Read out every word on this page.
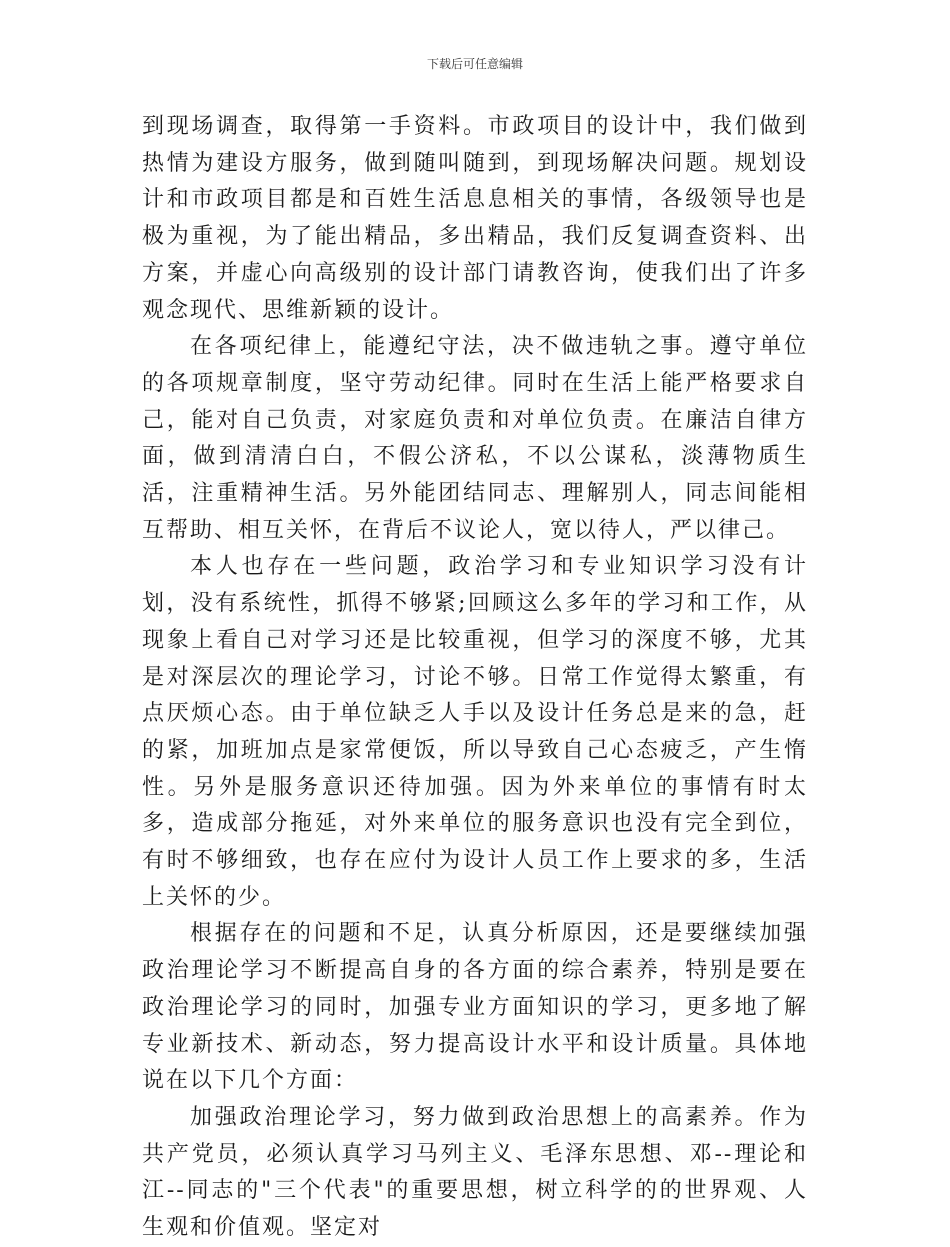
下载后可任意编辑

到现场调查，取得第一手资料。市政项目的设计中，我们做到热情为建设方服务，做到随叫随到，到现场解决问题。规划设计和市政项目都是和百姓生活息息相关的事情，各级领导也是极为重视，为了能出精品，多出精品，我们反复调查资料、出方案，并虚心向高级别的设计部门请教咨询，使我们出了许多观念现代、思维新颖的设计。

在各项纪律上，能遵纪守法，决不做违轨之事。遵守单位的各项规章制度，坚守劳动纪律。同时在生活上能严格要求自己，能对自己负责，对家庭负责和对单位负责。在廉洁自律方面，做到清清白白，不假公济私，不以公谋私，淡薄物质生活，注重精神生活。另外能团结同志、理解别人，同志间能相互帮助、相互关怀，在背后不议论人，宽以待人，严以律己。

本人也存在一些问题，政治学习和专业知识学习没有计划，没有系统性，抓得不够紧;回顾这么多年的学习和工作，从现象上看自己对学习还是比较重视，但学习的深度不够，尤其是对深层次的理论学习，讨论不够。日常工作觉得太繁重，有点厌烦心态。由于单位缺乏人手以及设计任务总是来的急，赶的紧，加班加点是家常便饭，所以导致自己心态疲乏，产生惰性。另外是服务意识还待加强。因为外来单位的事情有时太多，造成部分拖延，对外来单位的服务意识也没有完全到位，有时不够细致，也存在应付为设计人员工作上要求的多，生活上关怀的少。

根据存在的问题和不足，认真分析原因，还是要继续加强政治理论学习不断提高自身的各方面的综合素养，特别是要在政治理论学习的同时，加强专业方面知识的学习，更多地了解专业新技术、新动态，努力提高设计水平和设计质量。具体地说在以下几个方面：

加强政治理论学习，努力做到政治思想上的高素养。作为共产党员，必须认真学习马列主义、毛泽东思想、邓--理论和江--同志的"三个代表"的重要思想，树立科学的的世界观、人生观和价值观。坚定对
